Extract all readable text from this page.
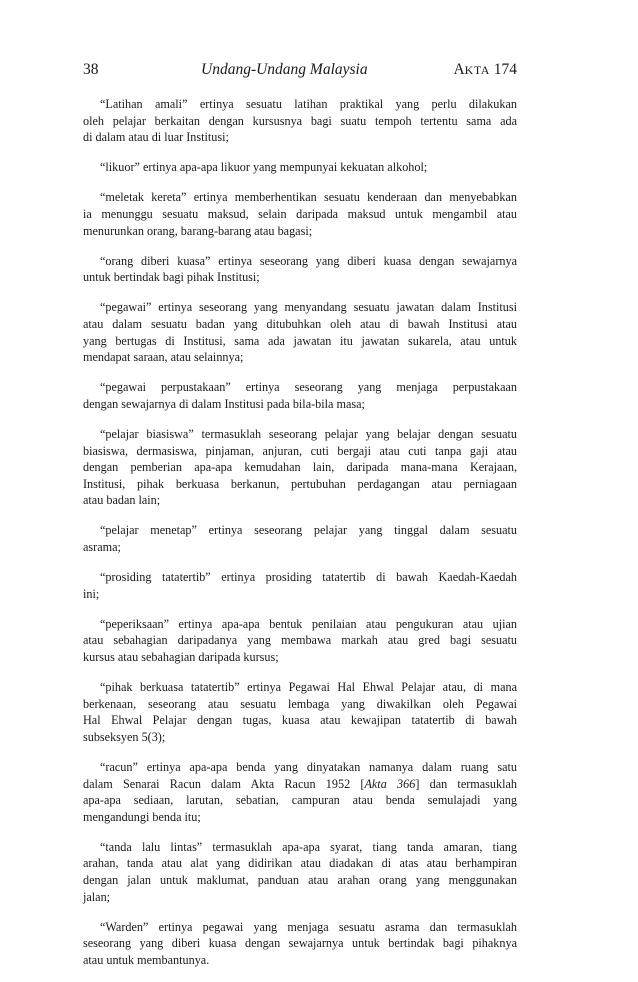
38	Undang-Undang Malaysia	AKTA 174
“Latihan amali” ertinya sesuatu latihan praktikal yang perlu dilakukan
oleh pelajar berkaitan dengan kursusnya bagi suatu tempoh tertentu sama ada
di dalam atau di luar Institusi;
“likuor” ertinya apa-apa likuor yang mempunyai kekuatan alkohol;
“meletak kereta” ertinya memberhentikan sesuatu kenderaan dan menyebabkan
ia menunggu sesuatu maksud, selain daripada maksud untuk mengambil atau
menurunkan orang, barang-barang atau bagasi;
“orang diberi kuasa” ertinya seseorang yang diberi kuasa dengan sewajarnya
untuk bertindak bagi pihak Institusi;
“pegawai” ertinya seseorang yang menyandang sesuatu jawatan dalam Institusi
atau dalam sesuatu badan yang ditubuhkan oleh atau di bawah Institusi atau
yang bertugas di Institusi, sama ada jawatan itu jawatan sukarela, atau untuk
mendapat saraan, atau selainnya;
“pegawai perpustakaan” ertinya seseorang yang menjaga perpustakaan
dengan sewajarnya di dalam Institusi pada bila-bila masa;
“pelajar biasiswa” termasuklah seseorang pelajar yang belajar dengan sesuatu
biasiswa, dermasiswa, pinjaman, anjuran, cuti bergaji atau cuti tanpa gaji atau
dengan pemberian apa-apa kemudahan lain, daripada mana-mana Kerajaan,
Institusi, pihak berkuasa berkanun, pertubuhan perdagangan atau perniagaan
atau badan lain;
“pelajar menetap” ertinya seseorang pelajar yang tinggal dalam sesuatu
asrama;
“prosiding tatatertib” ertinya prosiding tatatertib di bawah Kaedah-Kaedah
ini;
“peperiksaan” ertinya apa-apa bentuk penilaian atau pengukuran atau ujian
atau sebahagian daripadanya yang membawa markah atau gred bagi sesuatu
kursus atau sebahagian daripada kursus;
“pihak berkuasa tatatertib” ertinya Pegawai Hal Ehwal Pelajar atau, di mana
berkenaan, seseorang atau sesuatu lembaga yang diwakilkan oleh Pegawai
Hal Ehwal Pelajar dengan tugas, kuasa atau kewajipan tatatertib di bawah
subseksyen 5(3);
“racun” ertinya apa-apa benda yang dinyatakan namanya dalam ruang satu
dalam Senarai Racun dalam Akta Racun 1952 [Akta 366] dan termasuklah
apa-apa sediaan, larutan, sebatian, campuran atau benda semulajadi yang
mengandungi benda itu;
“tanda lalu lintas” termasuklah apa-apa syarat, tiang tanda amaran, tiang
arahan, tanda atau alat yang didirikan atau diadakan di atas atau berhampiran
dengan jalan untuk maklumat, panduan atau arahan orang yang menggunakan
jalan;
“Warden” ertinya pegawai yang menjaga sesuatu asrama dan termasuklah
seseorang yang diberi kuasa dengan sewajarnya untuk bertindak bagi pihaknya
atau untuk membantunya.
